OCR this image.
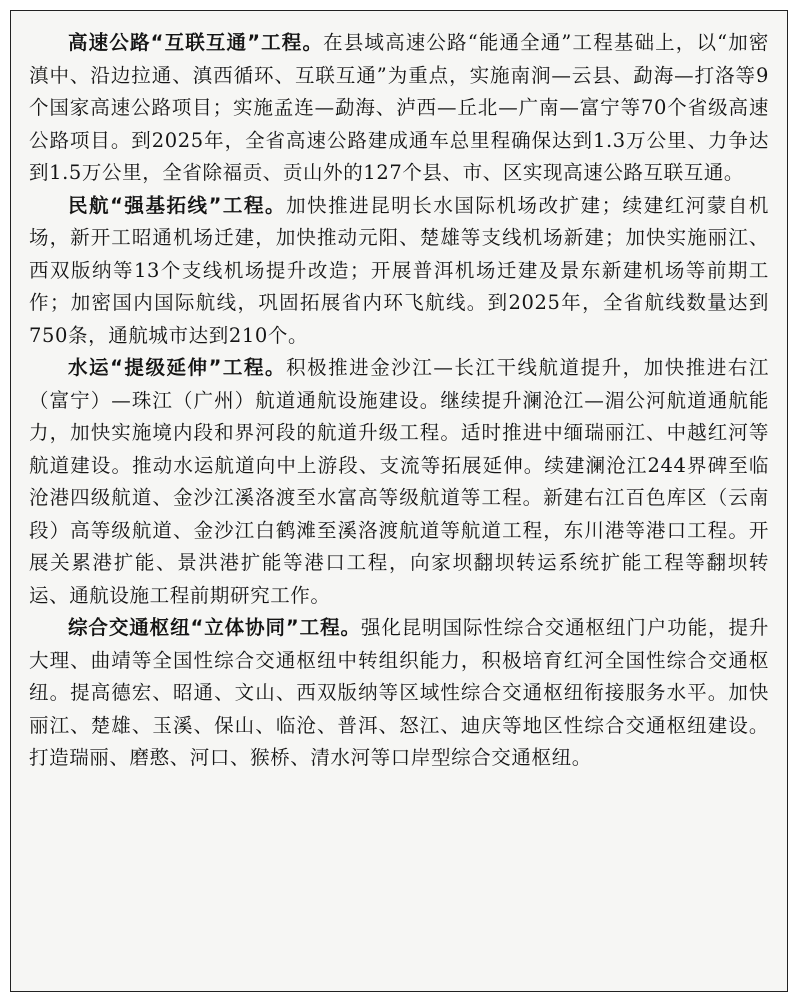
高速公路“互联互通”工程。在县域高速公路“能通全通”工程基础上，以“加密滇中、沿边拉通、滇西循环、互联互通”为重点，实施南涧—云县、勐海—打洛等9个国家高速公路项目；实施孟连—勐海、泸西—丘北—广南—富宁等70个省级高速公路项目。到2025年，全省高速公路建成通车总里程确保达到1.3万公里、力争达到1.5万公里，全省除福贡、贡山外的127个县、市、区实现高速公路互联互通。

民航“强基拓线”工程。加快推进昆明长水国际机场改扩建；续建红河蒙自机场，新开工昭通机场迁建，加快推动元阳、楚雄等支线机场新建；加快实施丽江、西双版纳等13个支线机场提升改造；开展普洱机场迁建及景东新建机场等前期工作；加密国内国际航线，巩固拓展省内环飞航线。到2025年，全省航线数量达到750条，通航城市达到210个。

水运“提级延伸”工程。积极推进金沙江—长江干线航道提升，加快推进右江（富宁）—珠江（广州）航道通航设施建设。继续提升澜沧江—湄公河航道通航能力，加快实施境内段和界河段的航道升级工程。适时推进中缅瑞丽江、中越红河等航道建设。推动水运航道向中上游段、支流等拓展延伸。续建澜沧江244界碑至临沧港四级航道、金沙江溪洛渡至水富高等级航道等工程。新建右江百色库区（云南段）高等级航道、金沙江白鹤滩至溪洛渡航道等航道工程，东川港等港口工程。开展关累港扩能、景洪港扩能等港口工程，向家坝翻坝转运系统扩能工程等翻坝转运、通航设施工程前期研究工作。

综合交通枢纽“立体协同”工程。强化昆明国际性综合交通枢纽门户功能，提升大理、曲靖等全国性综合交通枢纽中转组织能力，积极培育红河全国性综合交通枢纽。提高德宏、昭通、文山、西双版纳等区域性综合交通枢纽衔接服务水平。加快丽江、楚雄、玉溪、保山、临沧、普洱、怒江、迪庆等地区性综合交通枢纽建设。打造瑞丽、磨憨、河口、猴桥、清水河等口岸型综合交通枢纽。
